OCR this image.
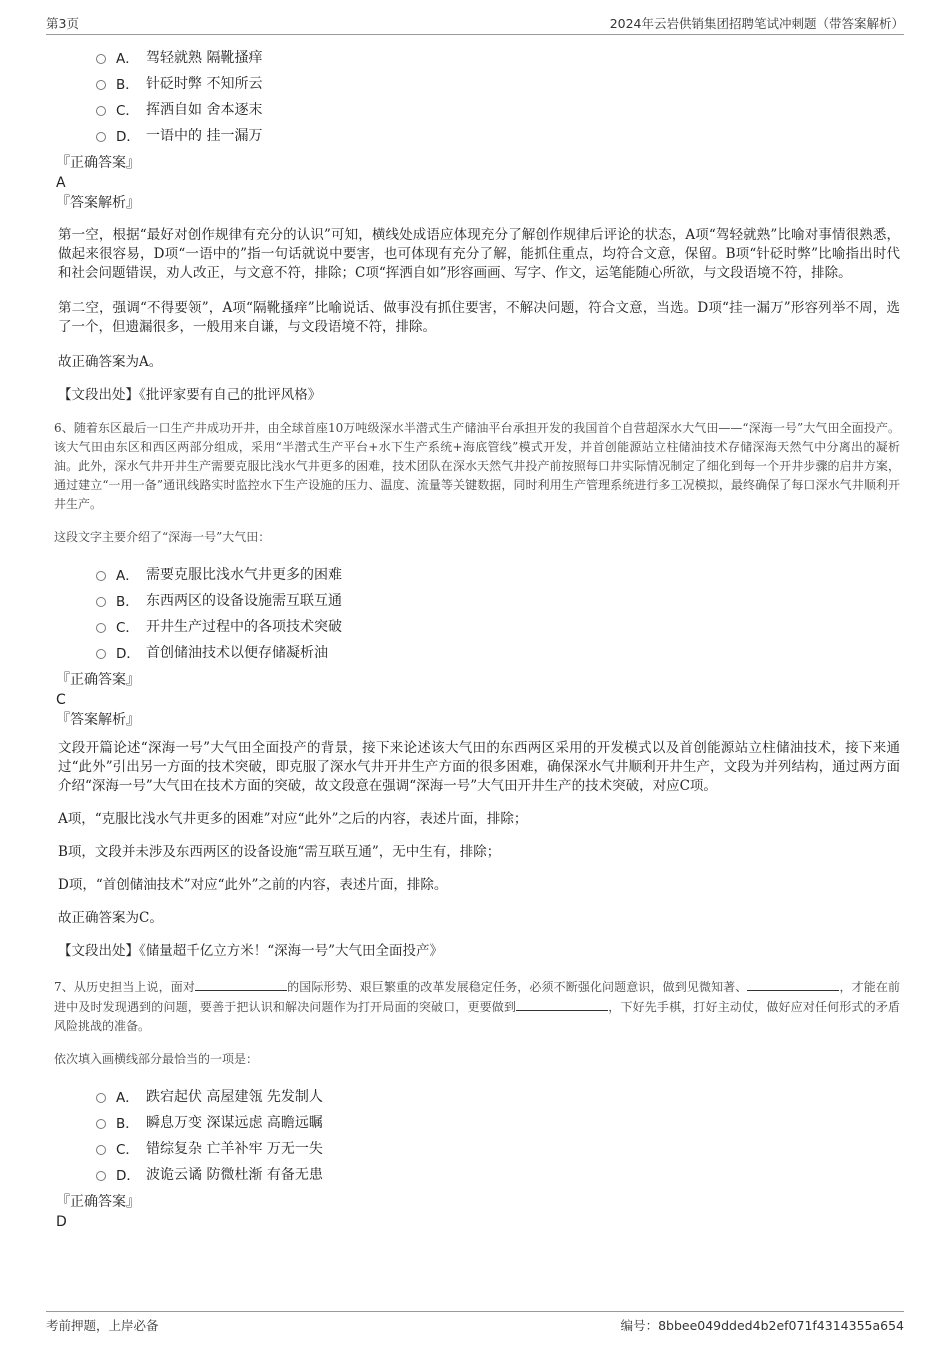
第3页	2024年云岩供销集团招聘笔试冲刺题（带答案解析）
A． 驾轻就熟 隔靴搔痒
B． 针砭时弊 不知所云
C． 挥洒自如 舍本逐末
D． 一语中的 挂一漏万
『正确答案』
A
『答案解析』

第一空，根据“最好对创作规律有充分的认识”可知，横线处成语应体现充分了解创作规律后评论的状态，A项“驾轻就熟”比喻对事情很熟悉，做起来很容易，D项“一语中的”指一句话就说中要害，也可体现有充分了解，能抓住重点，均符合文意，保留。B项“针砭时弊”比喻指出时代和社会问题错误，劝人改正，与文意不符，排除；C项“挥洒自如”形容画画、写字、作文，运笔能随心所欲，与文段语境不符，排除。

第二空，强调“不得要领”，A项“隔靴搔痒”比喻说话、做事没有抓住要害，不解决问题，符合文意，当选。D项“挂一漏万”形容列举不周，选了一个，但遗漏很多，一般用来自谦，与文段语境不符，排除。

故正确答案为A。

【文段出处】《批评家要有自己的批评风格》

6、随着东区最后一口生产井成功开井，由全球首座10万吨级深水半潜式生产储油平台承担开发的我国首个自营超深水大气田——“深海一号”大气田全面投产。该大气田由东区和西区两部分组成，采用“半潜式生产平台+水下生产系统+海底管线”模式开发，并首创能源站立柱储油技术存储深海天然气中分离出的凝析油。此外，深水气井开井生产需要克服比浅水气井更多的困难，技术团队在深水天然气井投产前按照每口井实际情况制定了细化到每一个开井步骤的启井方案，通过建立“一用一备”通讯线路实时监控水下生产设施的压力、温度、流量等关键数据，同时利用生产管理系统进行多工况模拟，最终确保了每口深水气井顺利开井生产。

这段文字主要介绍了“深海一号”大气田：

A． 需要克服比浅水气井更多的困难
B． 东西两区的设备设施需互联互通
C． 开井生产过程中的各项技术突破
D． 首创储油技术以便存储凝析油
『正确答案』
C
『答案解析』

文段开篇论述“深海一号”大气田全面投产的背景，接下来论述该大气田的东西两区采用的开发模式以及首创能源站立柱储油技术，接下来通过“此外”引出另一方面的技术突破，即克服了深水气井开井生产方面的很多困难，确保深水气井顺利开井生产，文段为并列结构，通过两方面介绍“深海一号”大气田在技术方面的突破，故文段意在强调“深海一号”大气田开井生产的技术突破，对应C项。

A项，“克服比浅水气井更多的困难”对应“此外”之后的内容，表述片面，排除；

B项，文段并未涉及东西两区的设备设施“需互联互通”，无中生有，排除；

D项，“首创储油技术”对应“此外”之前的内容，表述片面，排除。

故正确答案为C。

【文段出处】《储量超千亿立方米！“深海一号”大气田全面投产》

7、从历史担当上说，面对	的国际形势、艰巨繁重的改革发展稳定任务，必须不断强化问题意识，做到见微知著、	，才能在前进中及时发现遇到的问题，要善于把认识和解决问题作为打开局面的突破口，更要做到	，下好先手棋，打好主动仗，做好应对任何形式的矛盾风险挑战的准备。

依次填入画横线部分最恰当的一项是：

A． 跌宕起伏 高屋建瓴 先发制人
B． 瞬息万变 深谋远虑 高瞻远瞩
C． 错综复杂 亡羊补牢 万无一失
D． 波诡云谲 防微杜渐 有备无患
『正确答案』
D
考前押题，上岸必备	编号：8bbee049dded4b2ef071f4314355a654
